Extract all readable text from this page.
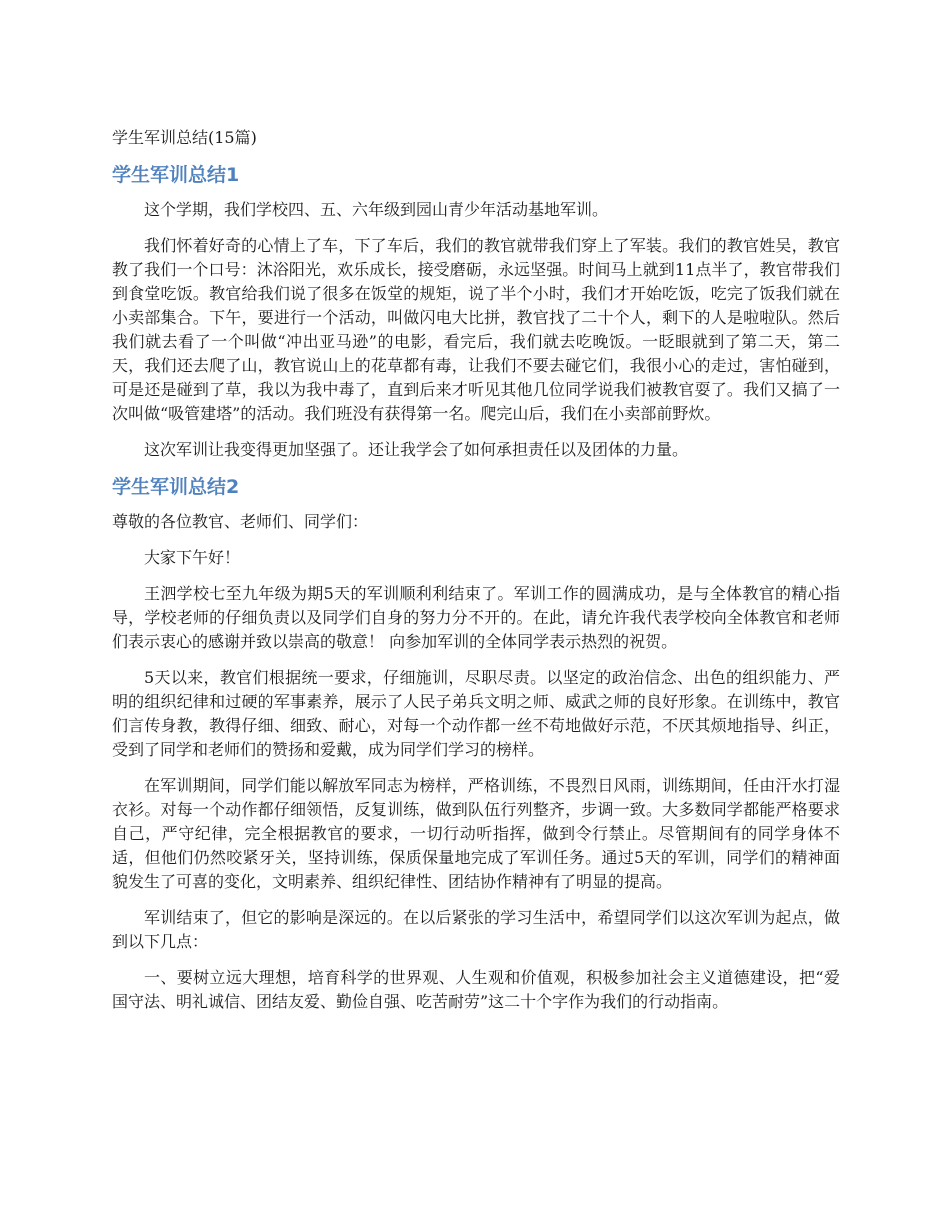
学生军训总结(15篇)
学生军训总结1

这个学期，我们学校四、五、六年级到园山青少年活动基地军训。

我们怀着好奇的心情上了车，下了车后，我们的教官就带我们穿上了军装。我们的教官姓吴，教官教了我们一个口号：沐浴阳光，欢乐成长，接受磨砺，永远坚强。时间马上就到11点半了，教官带我们到食堂吃饭。教官给我们说了很多在饭堂的规矩，说了半个小时，我们才开始吃饭，吃完了饭我们就在小卖部集合。下午，要进行一个活动，叫做闪电大比拼，教官找了二十个人，剩下的人是啦啦队。然后我们就去看了一个叫做“冲出亚马逊”的电影，看完后，我们就去吃晚饭。一眨眼就到了第二天，第二天，我们还去爬了山，教官说山上的花草都有毒，让我们不要去碰它们，我很小心的走过，害怕碰到，可是还是碰到了草，我以为我中毒了，直到后来才听见其他几位同学说我们被教官耍了。我们又搞了一次叫做“吸管建塔”的活动。我们班没有获得第一名。爬完山后，我们在小卖部前野炊。

这次军训让我变得更加坚强了。还让我学会了如何承担责任以及团体的力量。

学生军训总结2

尊敬的各位教官、老师们、同学们：

大家下午好！

王泗学校七至九年级为期5天的军训顺利利结束了。军训工作的圆满成功，是与全体教官的精心指导，学校老师的仔细负责以及同学们自身的努力分不开的。在此，请允许我代表学校向全体教官和老师们表示衷心的感谢并致以崇高的敬意！ 向参加军训的全体同学表示热烈的祝贺。

5天以来，教官们根据统一要求，仔细施训，尽职尽责。以坚定的政治信念、出色的组织能力、严明的组织纪律和过硬的军事素养，展示了人民子弟兵文明之师、威武之师的良好形象。在训练中，教官们言传身教，教得仔细、细致、耐心，对每一个动作都一丝不苟地做好示范，不厌其烦地指导、纠正，受到了同学和老师们的赞扬和爱戴，成为同学们学习的榜样。

在军训期间，同学们能以解放军同志为榜样，严格训练，不畏烈日风雨，训练期间，任由汗水打湿衣衫。对每一个动作都仔细领悟，反复训练，做到队伍行列整齐，步调一致。大多数同学都能严格要求自己，严守纪律，完全根据教官的要求，一切行动听指挥，做到令行禁止。尽管期间有的同学身体不适，但他们仍然咬紧牙关，坚持训练，保质保量地完成了军训任务。通过5天的军训，同学们的精神面貌发生了可喜的变化，文明素养、组织纪律性、团结协作精神有了明显的提高。

军训结束了，但它的影响是深远的。在以后紧张的学习生活中，希望同学们以这次军训为起点，做到以下几点：

一、要树立远大理想，培育科学的世界观、人生观和价值观，积极参加社会主义道德建设，把“爱国守法、明礼诚信、团结友爱、勤俭自强、吃苦耐劳”这二十个字作为我们的行动指南。
